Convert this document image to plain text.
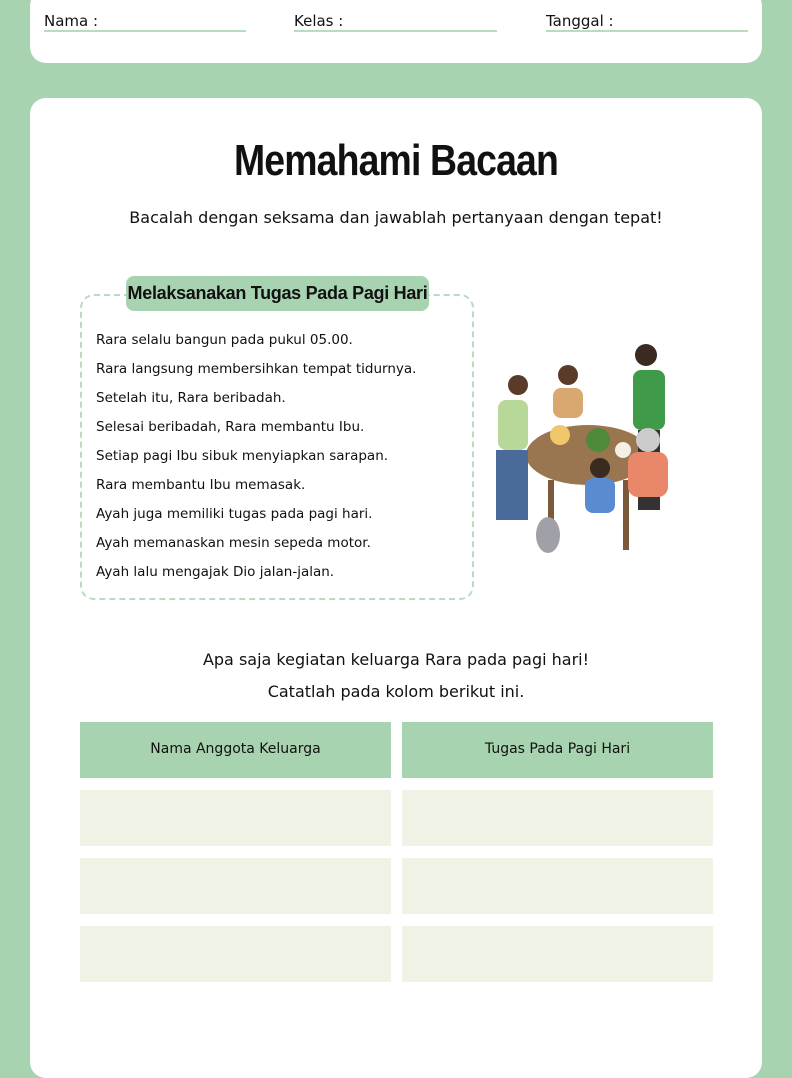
Nama :	Kelas :	Tanggal :
Memahami Bacaan
Bacalah dengan seksama dan jawablah pertanyaan dengan tepat!
Melaksanakan Tugas Pada Pagi Hari
Rara selalu bangun pada pukul 05.00.
Rara langsung membersihkan tempat tidurnya.
Setelah itu, Rara beribadah.
Selesai beribadah, Rara membantu Ibu.
Setiap pagi Ibu sibuk menyiapkan sarapan.
Rara membantu Ibu memasak.
Ayah juga memiliki tugas pada pagi hari.
Ayah memanaskan mesin sepeda motor.
Ayah lalu mengajak Dio jalan-jalan.
Apa saja kegiatan keluarga Rara pada pagi hari!
Catatlah pada kolom berikut ini.
Nama Anggota Keluarga	Tugas Pada Pagi Hari
